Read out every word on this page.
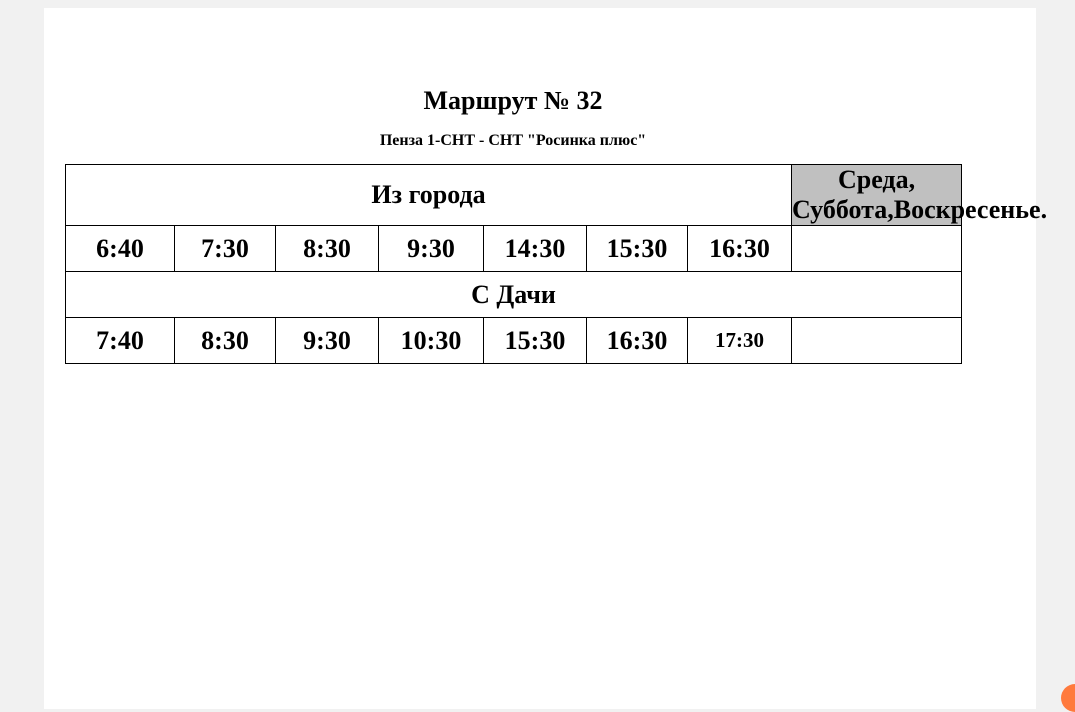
Маршрут № 32
Пенза 1-СНТ - СНТ "Росинка плюс"
Из города							Среда, Суббота,Воскресенье.
6:40	7:30	8:30	9:30	14:30	15:30	16:30	
С Дачи							
7:40	8:30	9:30	10:30	15:30	16:30	17:30	
